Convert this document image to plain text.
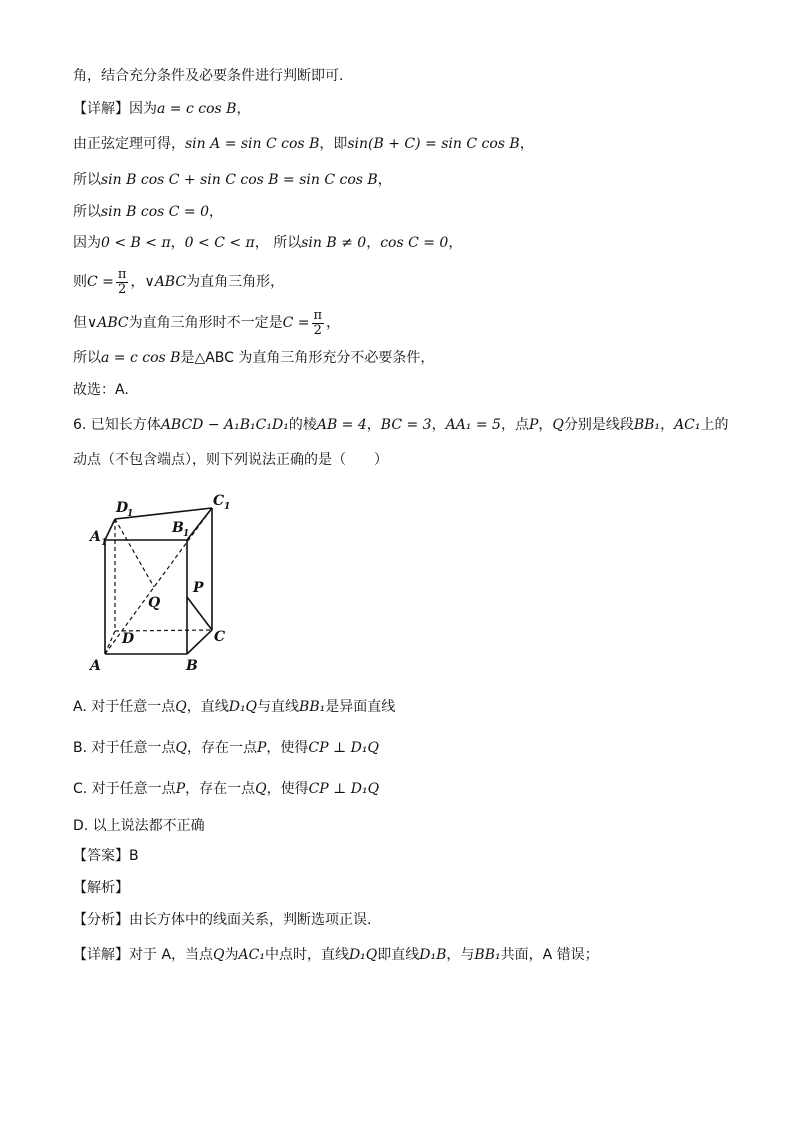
角，结合充分条件及必要条件进行判断即可.
【详解】因为a = c cos B，
由正弦定理可得，sin A = sin C cos B，即sin(B + C) = sin C cos B，
所以sin B cos C + sin C cos B = sin C cos B，
所以sin B cos C = 0，
因为0 < B < π，0 < C < π， 所以sin B ≠ 0，cos C = 0，
则$C = \frac{\pi}{2}$ ，∨ABC为直角三角形，
但∨ABC为直角三角形时不一定是$C = \frac{\pi}{2}$ ，
所以a = c cos B是△ABC 为直角三角形充分不必要条件，
故选：A.
6. 已知长方体ABCD − A₁B₁C₁D₁的棱AB = 4，BC = 3，AA₁ = 5，点P，Q分别是线段BB₁，AC₁上的
动点（不包含端点），则下列说法正确的是（　　）
A	B
C
D
A 1
B 1
C 1
D
1
P
Q
A. 对于任意一点Q，直线D₁Q与直线BB₁是异面直线
B. 对于任意一点Q，存在一点P，使得CP ⊥ D₁Q
C. 对于任意一点P，存在一点Q，使得CP ⊥ D₁Q
D. 以上说法都不正确
【答案】B
【解析】
【分析】由长方体中的线面关系，判断选项正误.
【详解】对于 A，当点Q为AC₁中点时，直线D₁Q即直线D₁B，与BB₁共面，A 错误；
